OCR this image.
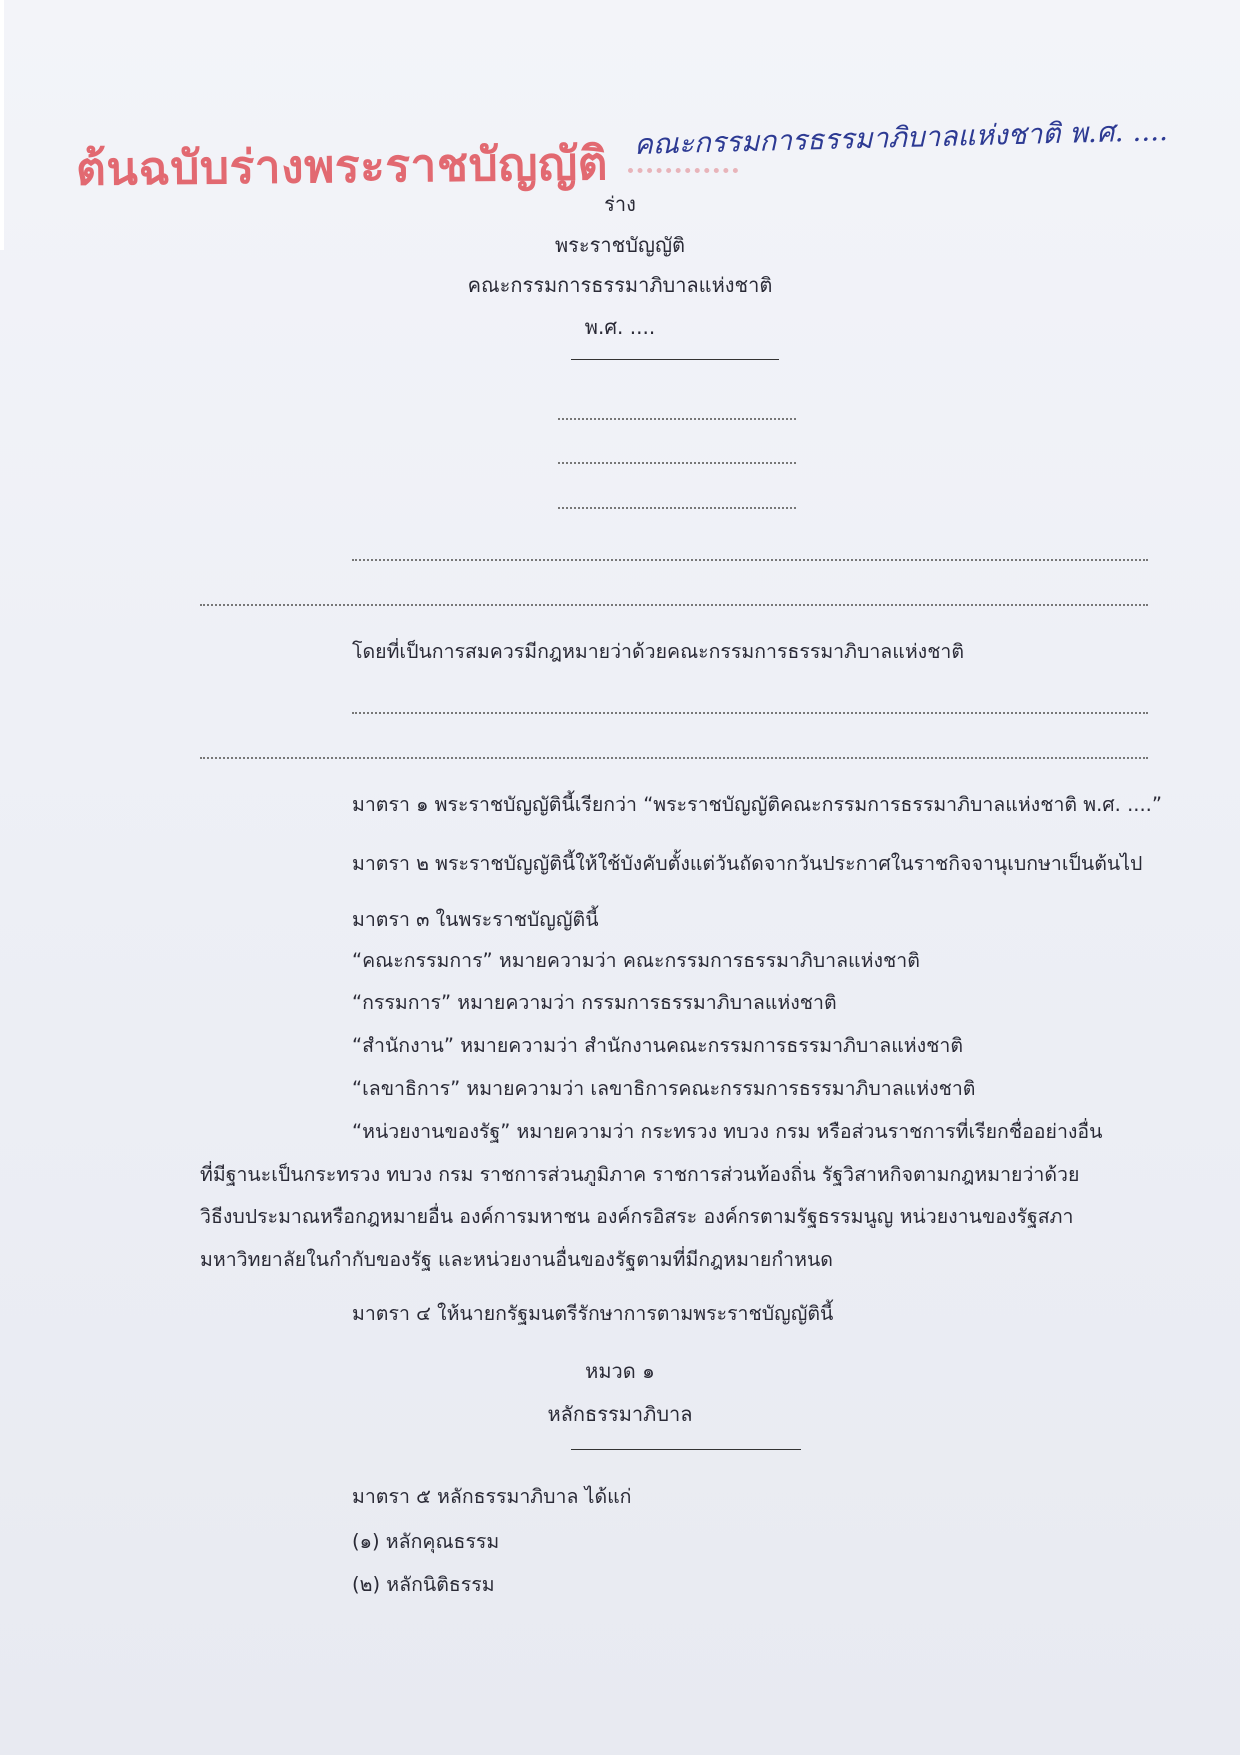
ต้นฉบับร่างพระราชบัญญัติ คณะกรรมการธรรมาภิบาลแห่งชาติ พ.ศ. ....
ร่าง
พระราชบัญญัติ
คณะกรรมการธรรมาภิบาลแห่งชาติ
พ.ศ. ....
โดยที่เป็นการสมควรมีกฎหมายว่าด้วยคณะกรรมการธรรมาภิบาลแห่งชาติ
มาตรา ๑ พระราชบัญญัตินี้เรียกว่า “พระราชบัญญัติคณะกรรมการธรรมาภิบาลแห่งชาติ พ.ศ. ....”
มาตรา ๒ พระราชบัญญัตินี้ให้ใช้บังคับตั้งแต่วันถัดจากวันประกาศในราชกิจจานุเบกษาเป็นต้นไป
มาตรา ๓ ในพระราชบัญญัตินี้
“คณะกรรมการ” หมายความว่า คณะกรรมการธรรมาภิบาลแห่งชาติ
“กรรมการ” หมายความว่า กรรมการธรรมาภิบาลแห่งชาติ
“สำนักงาน” หมายความว่า สำนักงานคณะกรรมการธรรมาภิบาลแห่งชาติ
“เลขาธิการ” หมายความว่า เลขาธิการคณะกรรมการธรรมาภิบาลแห่งชาติ
“หน่วยงานของรัฐ” หมายความว่า กระทรวง ทบวง กรม หรือส่วนราชการที่เรียกชื่ออย่างอื่น
ที่มีฐานะเป็นกระทรวง ทบวง กรม ราชการส่วนภูมิภาค ราชการส่วนท้องถิ่น รัฐวิสาหกิจตามกฎหมายว่าด้วย
วิธีงบประมาณหรือกฎหมายอื่น องค์การมหาชน องค์กรอิสระ องค์กรตามรัฐธรรมนูญ หน่วยงานของรัฐสภา
มหาวิทยาลัยในกำกับของรัฐ และหน่วยงานอื่นของรัฐตามที่มีกฎหมายกำหนด
มาตรา ๔ ให้นายกรัฐมนตรีรักษาการตามพระราชบัญญัตินี้
หมวด ๑
หลักธรรมาภิบาล
มาตรา ๕ หลักธรรมาภิบาล ได้แก่
(๑) หลักคุณธรรม
(๒) หลักนิติธรรม
